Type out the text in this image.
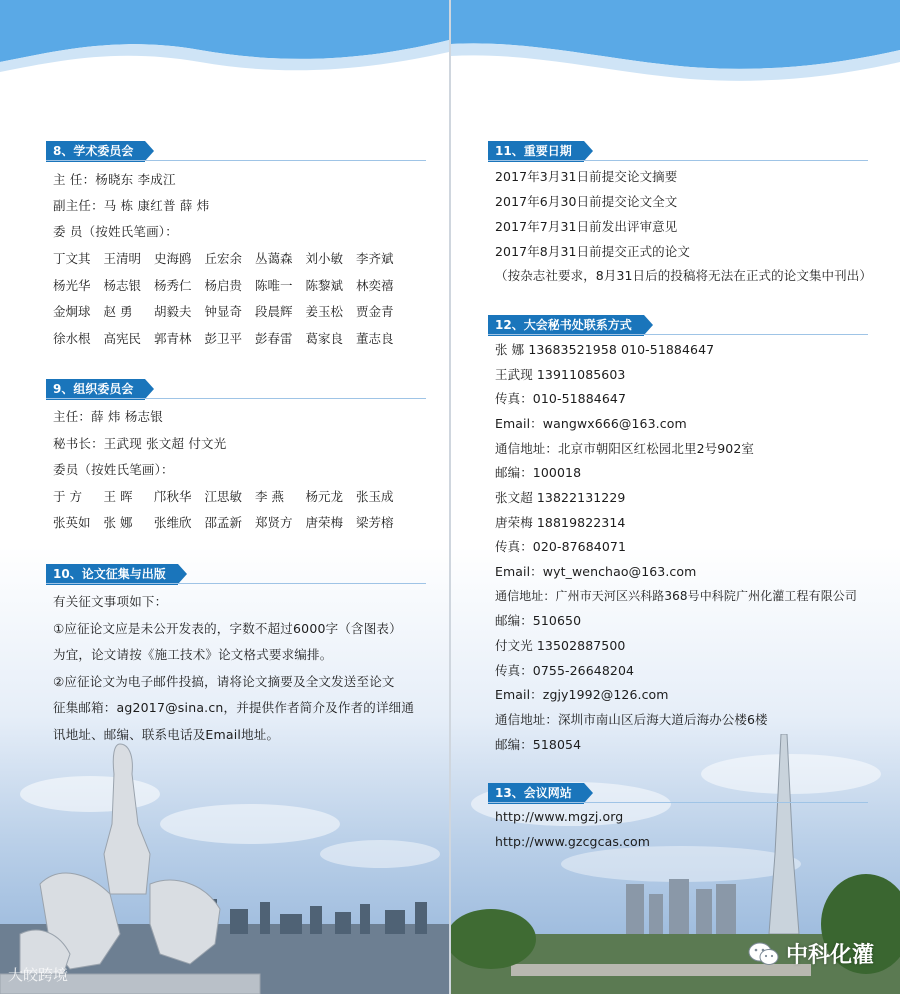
8、学术委员会
主 任：杨晓东 李成江
副主任：马 栋 康红普 薛 炜
委 员（按姓氏笔画）：
丁文其 王清明 史海鸥 丘宏余 丛蔼森 刘小敏 李齐斌
杨光华 杨志银 杨秀仁 杨启贵 陈唯一 陈黎斌 林奕禧
金炯球 赵 勇 胡毅夫 钟显奇 段晨辉 姜玉松 贾金青
徐水根 高宪民 郭青林 彭卫平 彭春雷 葛家良 董志良
9、组织委员会
主任：薛 炜 杨志银
秘书长：王武现 张文超 付文光
委员（按姓氏笔画）：
于 方 王 晖 邝秋华 江思敏 李 燕 杨元龙 张玉成
张英如 张 娜 张维欣 邵孟新 郑贤方 唐荣梅 梁芳榕
10、论文征集与出版
有关征文事项如下：
①应征论文应是未公开发表的，字数不超过6000字（含图表）
为宜，论文请按《施工技术》论文格式要求编排。
②应征论文为电子邮件投搞，请将论文摘要及全文发送至论文
征集邮箱：ag2017@sina.cn，并提供作者简介及作者的详细通
讯地址、邮编、联系电话及Email地址。
大皎跨境
11、重要日期
12、大会秘书处联系方式
13、会议网站
中科化灌
2017年3月31日前提交论文摘要
2017年6月30日前提交论文全文
2017年7月31日前发出评审意见
2017年8月31日前提交正式的论文
（按杂志社要求，8月31日后的投稿将无法在正式的论文集中刊出）
张 娜 13683521958 010-51884647
王武现 13911085603
传真：010-51884647
Email：wangwx666@163.com
通信地址：北京市朝阳区红松园北里2号902室
邮编：100018
张文超 13822131229
唐荣梅 18819822314
传真：020-87684071
Email：wyt_wenchao@163.com
通信地址：广州市天河区兴科路368号中科院广州化灌工程有限公司
邮编：510650
付文光 13502887500
传真：0755-26648204
Email：zgjy1992@126.com
通信地址：深圳市南山区后海大道后海办公楼6楼
邮编：518054
http://www.mgzj.org
http://www.gzcgcas.com
